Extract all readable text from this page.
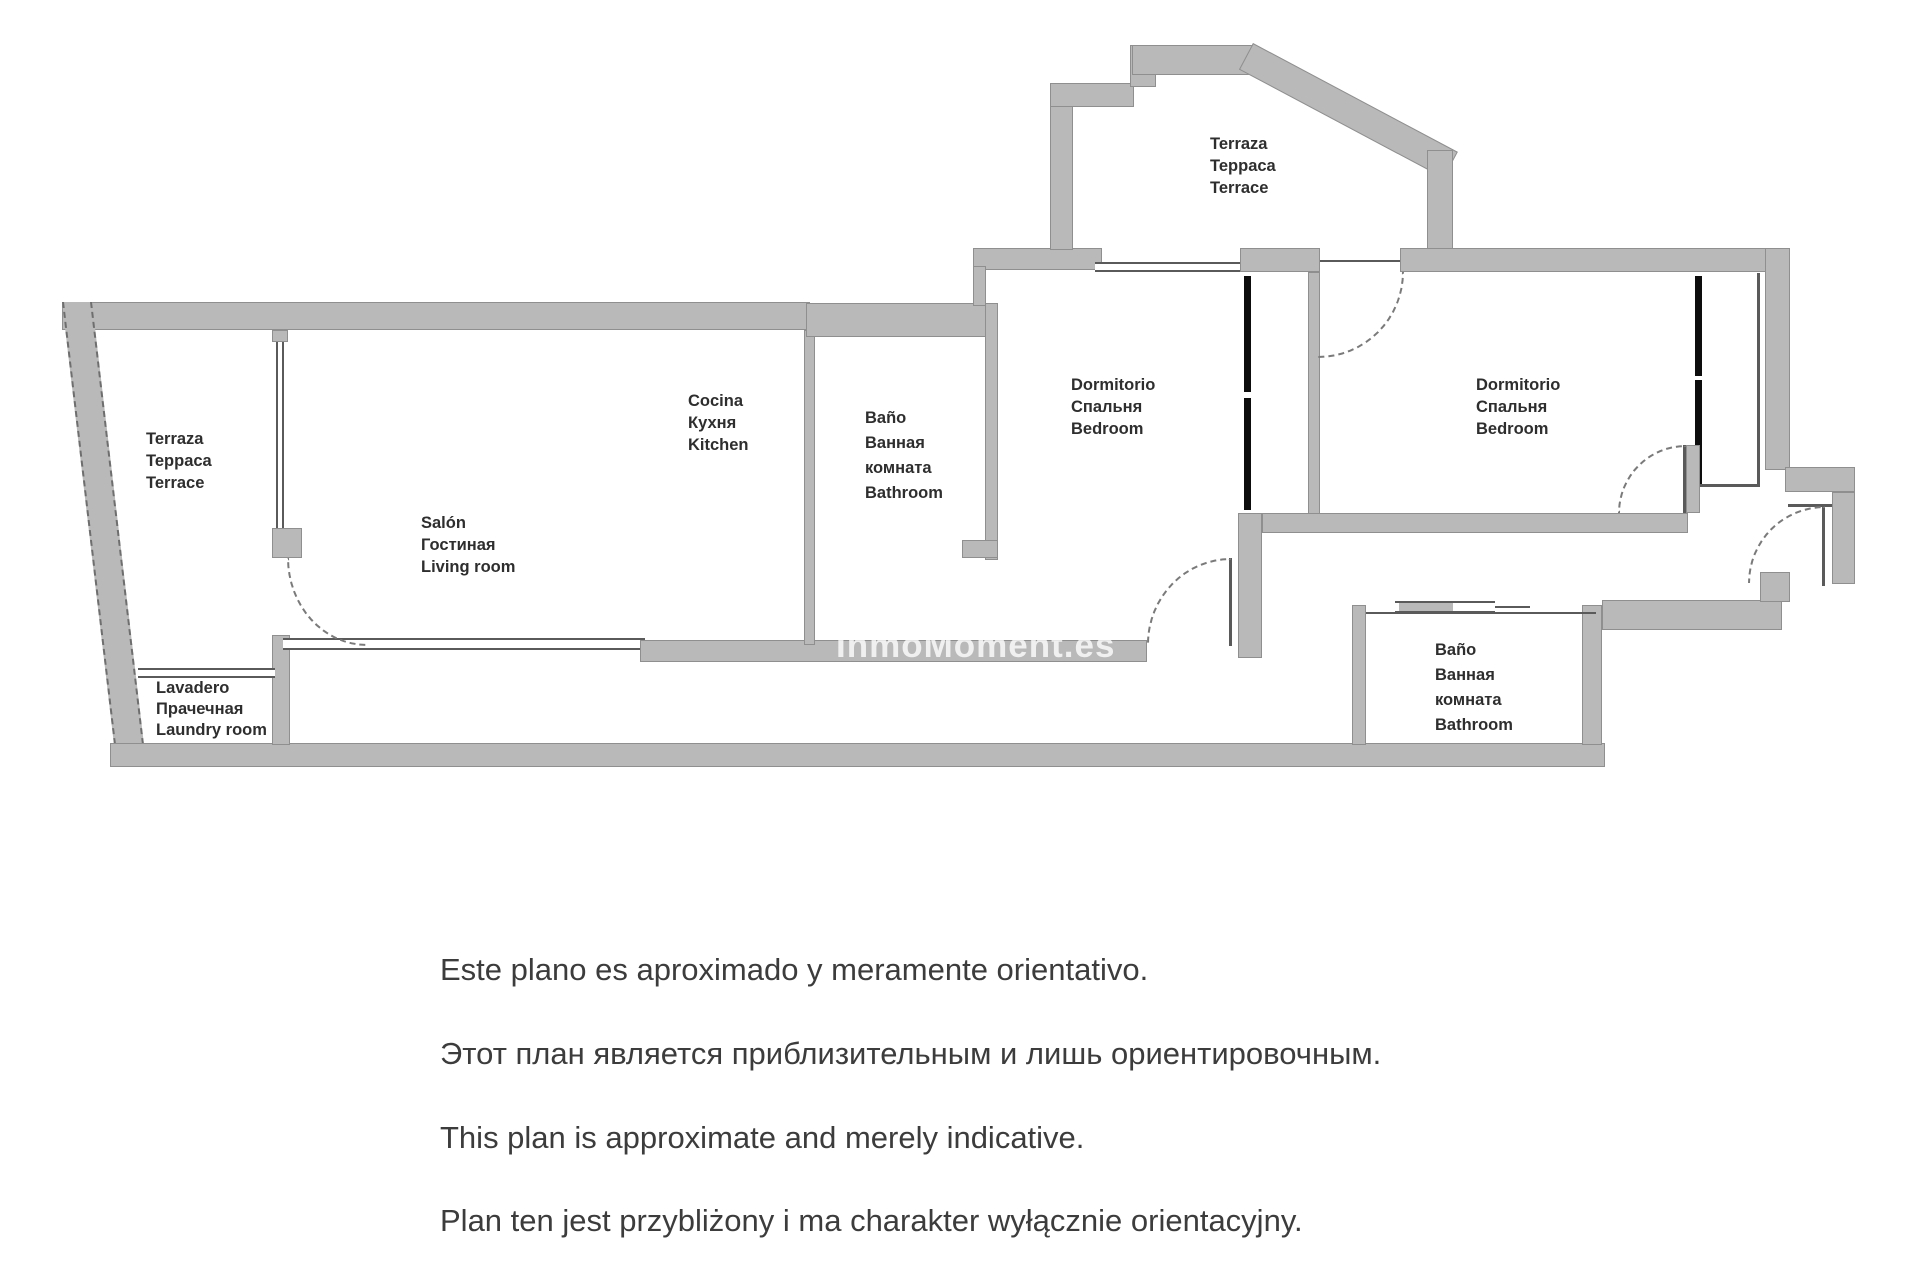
Terraza
Teppaca
Terrace
Terraza
Teppaca
Terrace
Cocina
Кухня
Kitchen
Salón
Гостиная
Living room
Baño
Ванная
комната
Bathroom
Dormitorio
Спальня
Bedroom
Dormitorio
Спальня
Bedroom
Baño
Ванная
комната
Bathroom
Lavadero
Прачечная
Laundry room
InmoMoment.es
Este plano es aproximado y meramente orientativo.
Этот план является приблизительным и лишь ориентировочным.
This plan is approximate and merely indicative.
Plan ten jest przybliżony i ma charakter wyłącznie orientacyjny.
